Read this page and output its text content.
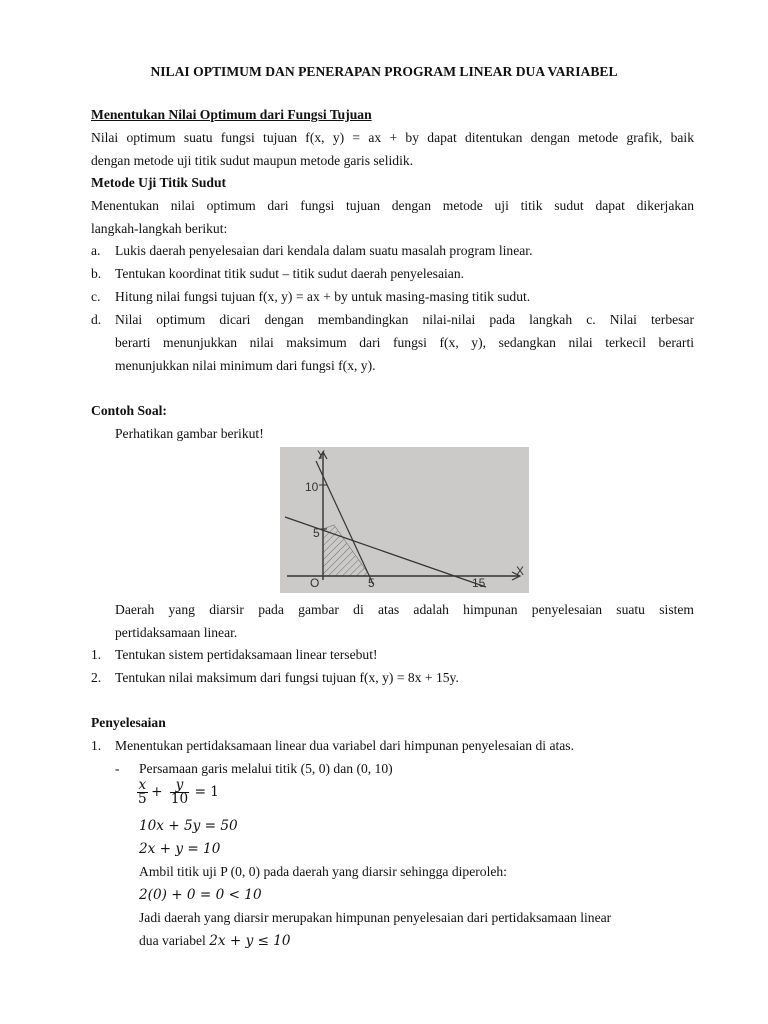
NILAI OPTIMUM DAN PENERAPAN PROGRAM LINEAR DUA VARIABEL
Menentukan Nilai Optimum dari Fungsi Tujuan
Nilai optimum suatu fungsi tujuan f(x, y) = ax + by dapat ditentukan dengan metode grafik, baik
dengan metode uji titik sudut maupun metode garis selidik.
Metode Uji Titik Sudut
Menentukan nilai optimum dari fungsi tujuan dengan metode uji titik sudut dapat dikerjakan
langkah-langkah berikut:
a. Lukis daerah penyelesaian dari kendala dalam suatu masalah program linear.
b. Tentukan koordinat titik sudut – titik sudut daerah penyelesaian.
c. Hitung nilai fungsi tujuan f(x, y) = ax + by untuk masing-masing titik sudut.
d. Nilai optimum dicari dengan membandingkan nilai-nilai pada langkah c. Nilai terbesar
berarti menunjukkan nilai maksimum dari fungsi f(x, y), sedangkan nilai terkecil berarti
menunjukkan nilai minimum dari fungsi f(x, y).
Contoh Soal:
Perhatikan gambar berikut!
Y
X
10
5
5	15
O
Daerah yang diarsir pada gambar di atas adalah himpunan penyelesaian suatu sistem
pertidaksamaan linear.
1. Tentukan sistem pertidaksamaan linear tersebut!
2. Tentukan nilai maksimum dari fungsi tujuan f(x, y) = 8x + 15y.
Penyelesaian
1. Menentukan pertidaksamaan linear dua variabel dari himpunan penyelesaian di atas.
- Persamaan garis melalui titik (5, 0) dan (0, 10)
$\frac{x}{5} + \frac{y}{10} = 1$
10x + 5y = 50
2x + y = 10
Ambil titik uji P (0, 0) pada daerah yang diarsir sehingga diperoleh:
2(0) + 0 = 0 < 10
Jadi daerah yang diarsir merupakan himpunan penyelesaian dari pertidaksamaan linear
dua variabel 2x + y ≤ 10
